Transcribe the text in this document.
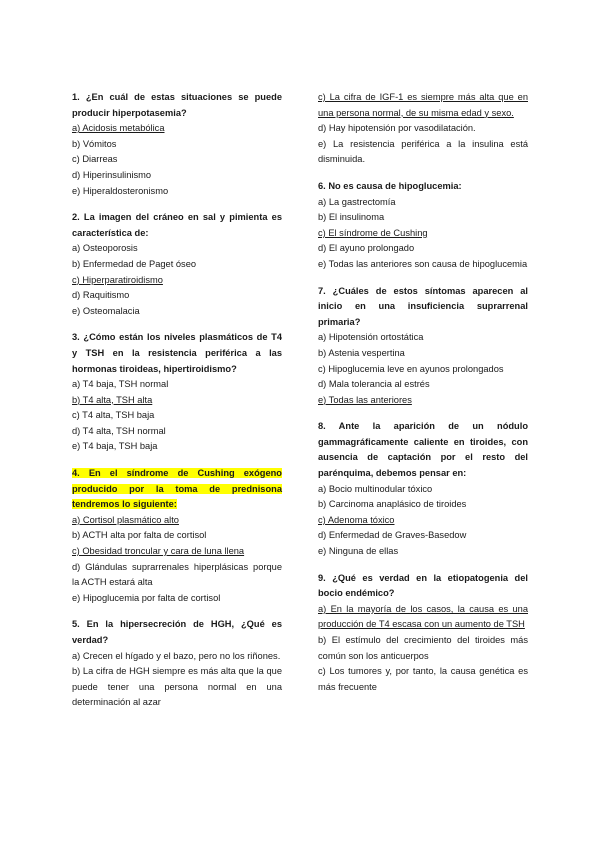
1. ¿En cuál de estas situaciones se puede producir hiperpotasemia?
a) Acidosis metabólica
b) Vómitos
c) Diarreas
d) Hiperinsulinismo
e) Hiperaldosteronismo
2. La imagen del cráneo en sal y pimienta es característica de:
a) Osteoporosis
b) Enfermedad de Paget óseo
c) Hiperparatiroidismo
d) Raquitismo
e) Osteomalacia
3. ¿Cómo están los niveles plasmáticos de T4 y TSH en la resistencia periférica a las hormonas tiroideas, hipertiroidismo?
a) T4 baja, TSH normal
b) T4 alta, TSH alta
c) T4 alta, TSH baja
d) T4 alta, TSH normal
e) T4 baja, TSH baja
4. En el síndrome de Cushing exógeno producido por la toma de prednisona tendremos lo siguiente:
a) Cortisol plasmático alto
b) ACTH alta por falta de cortisol
c) Obesidad troncular y cara de luna llena
d) Glándulas suprarrenales hiperplásicas porque la ACTH estará alta
e) Hipoglucemia por falta de cortisol
5. En la hipersecreción de HGH, ¿Qué es verdad?
a) Crecen el hígado y el bazo, pero no los riñones.
b) La cifra de HGH siempre es más alta que la que puede tener una persona normal en una determinación al azar
c) La cifra de IGF-1 es siempre más alta que en una persona normal, de su misma edad y sexo.
d) Hay hipotensión por vasodilatación.
e) La resistencia periférica a la insulina está disminuida.
6. No es causa de hipoglucemia:
a) La gastrectomía
b) El insulinoma
c) El síndrome de Cushing
d) El ayuno prolongado
e) Todas las anteriores son causa de hipoglucemia
7. ¿Cuáles de estos síntomas aparecen al inicio en una insuficiencia suprarrenal primaria?
a) Hipotensión ortostática
b) Astenia vespertina
c) Hipoglucemia leve en ayunos prolongados
d) Mala tolerancia al estrés
e) Todas las anteriores
8. Ante la aparición de un nódulo gammagráficamente caliente en tiroides, con ausencia de captación por el resto del parénquima, debemos pensar en:
a) Bocio multinodular tóxico
b) Carcinoma anaplásico de tiroides
c) Adenoma tóxico
d) Enfermedad de Graves-Basedow
e) Ninguna de ellas
9. ¿Qué es verdad en la etiopatogenia del bocio endémico?
a) En la mayoría de los casos, la causa es una producción de T4 escasa con un aumento de TSH
b) El estímulo del crecimiento del tiroides más común son los anticuerpos
c) Los tumores y, por tanto, la causa genética es más frecuente
